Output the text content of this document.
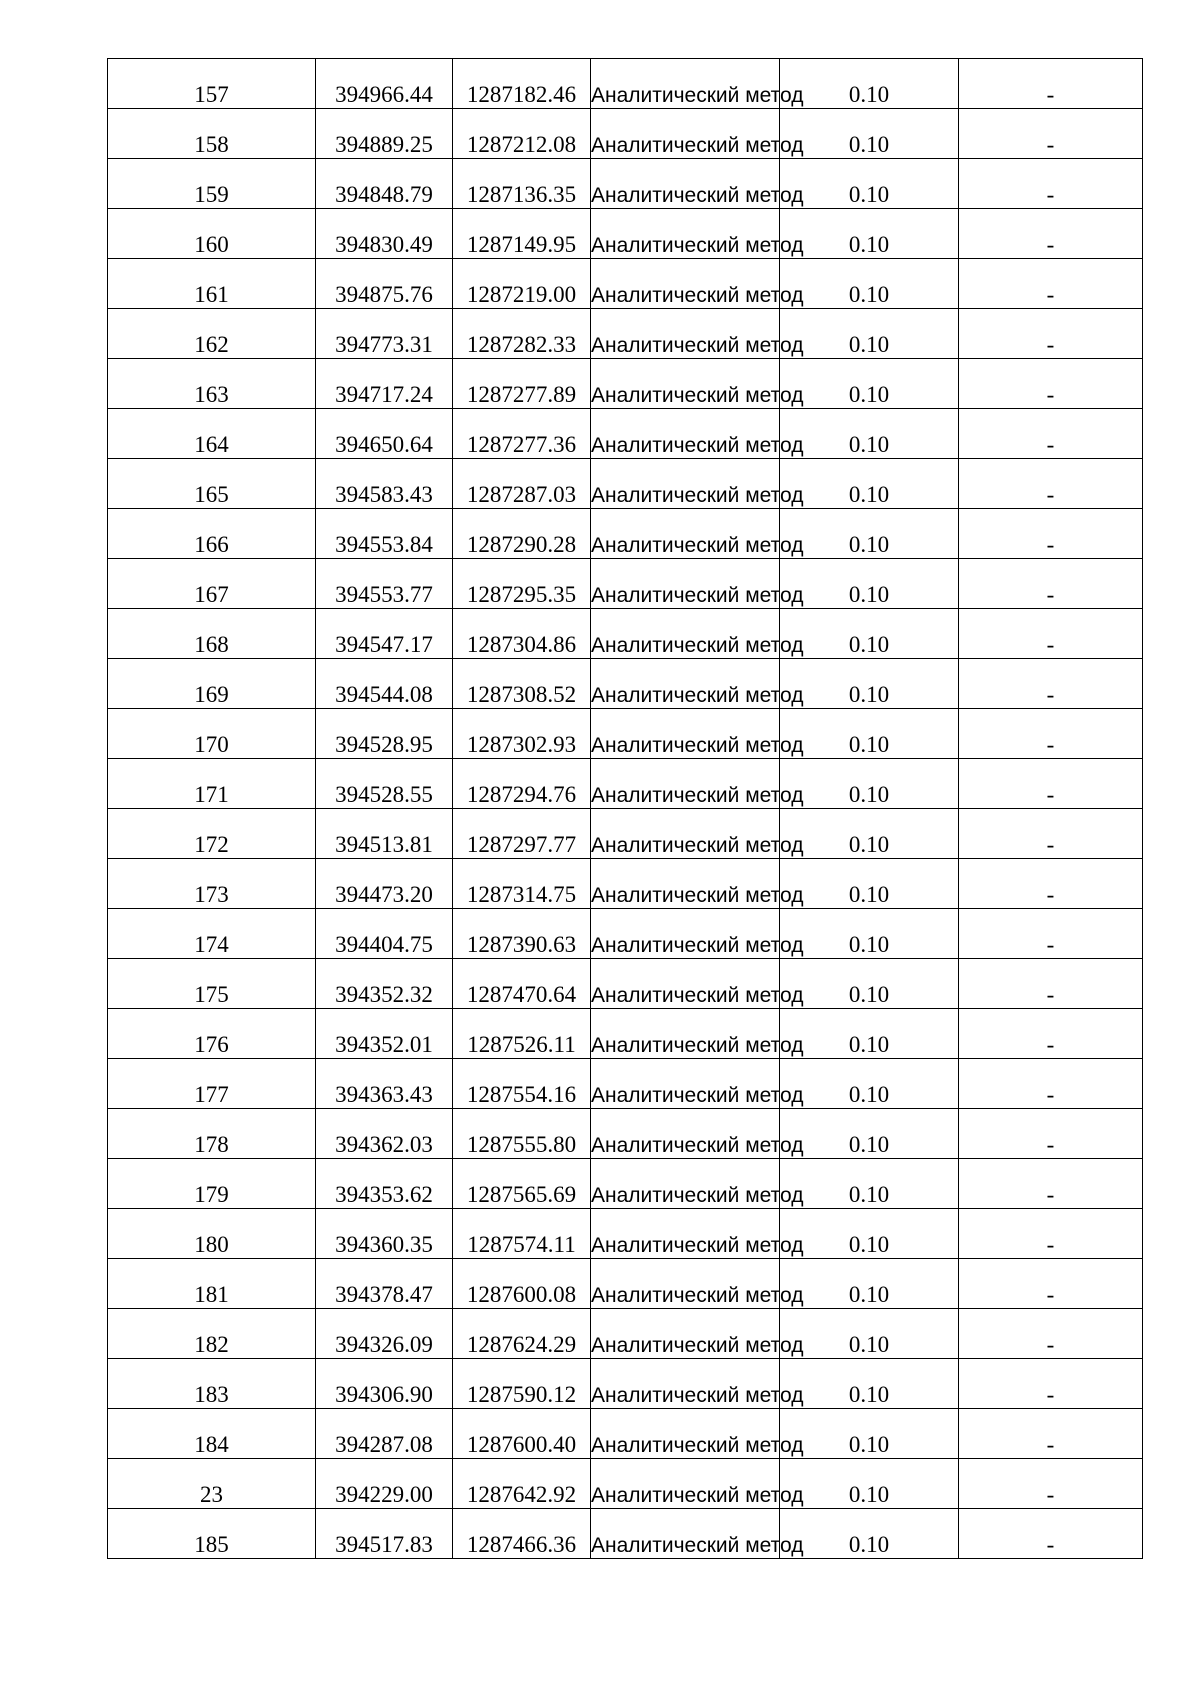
157	394966.44	1287182.46	Аналитический метод	0.10	-

158	394889.25	1287212.08	Аналитический метод	0.10	-

159	394848.79	1287136.35	Аналитический метод	0.10	-

160	394830.49	1287149.95	Аналитический метод	0.10	-

161	394875.76	1287219.00	Аналитический метод	0.10	-

162	394773.31	1287282.33	Аналитический метод	0.10	-

163	394717.24	1287277.89	Аналитический метод	0.10	-

164	394650.64	1287277.36	Аналитический метод	0.10	-

165	394583.43	1287287.03	Аналитический метод	0.10	-

166	394553.84	1287290.28	Аналитический метод	0.10	-

167	394553.77	1287295.35	Аналитический метод	0.10	-

168	394547.17	1287304.86	Аналитический метод	0.10	-

169	394544.08	1287308.52	Аналитический метод	0.10	-

170	394528.95	1287302.93	Аналитический метод	0.10	-

171	394528.55	1287294.76	Аналитический метод	0.10	-

172	394513.81	1287297.77	Аналитический метод	0.10	-

173	394473.20	1287314.75	Аналитический метод	0.10	-

174	394404.75	1287390.63	Аналитический метод	0.10	-

175	394352.32	1287470.64	Аналитический метод	0.10	-

176	394352.01	1287526.11	Аналитический метод	0.10	-

177	394363.43	1287554.16	Аналитический метод	0.10	-

178	394362.03	1287555.80	Аналитический метод	0.10	-

179	394353.62	1287565.69	Аналитический метод	0.10	-

180	394360.35	1287574.11	Аналитический метод	0.10	-

181	394378.47	1287600.08	Аналитический метод	0.10	-

182	394326.09	1287624.29	Аналитический метод	0.10	-

183	394306.90	1287590.12	Аналитический метод	0.10	-

184	394287.08	1287600.40	Аналитический метод	0.10	-

23	394229.00	1287642.92	Аналитический метод	0.10	-

185	394517.83	1287466.36	Аналитический метод	0.10	-
